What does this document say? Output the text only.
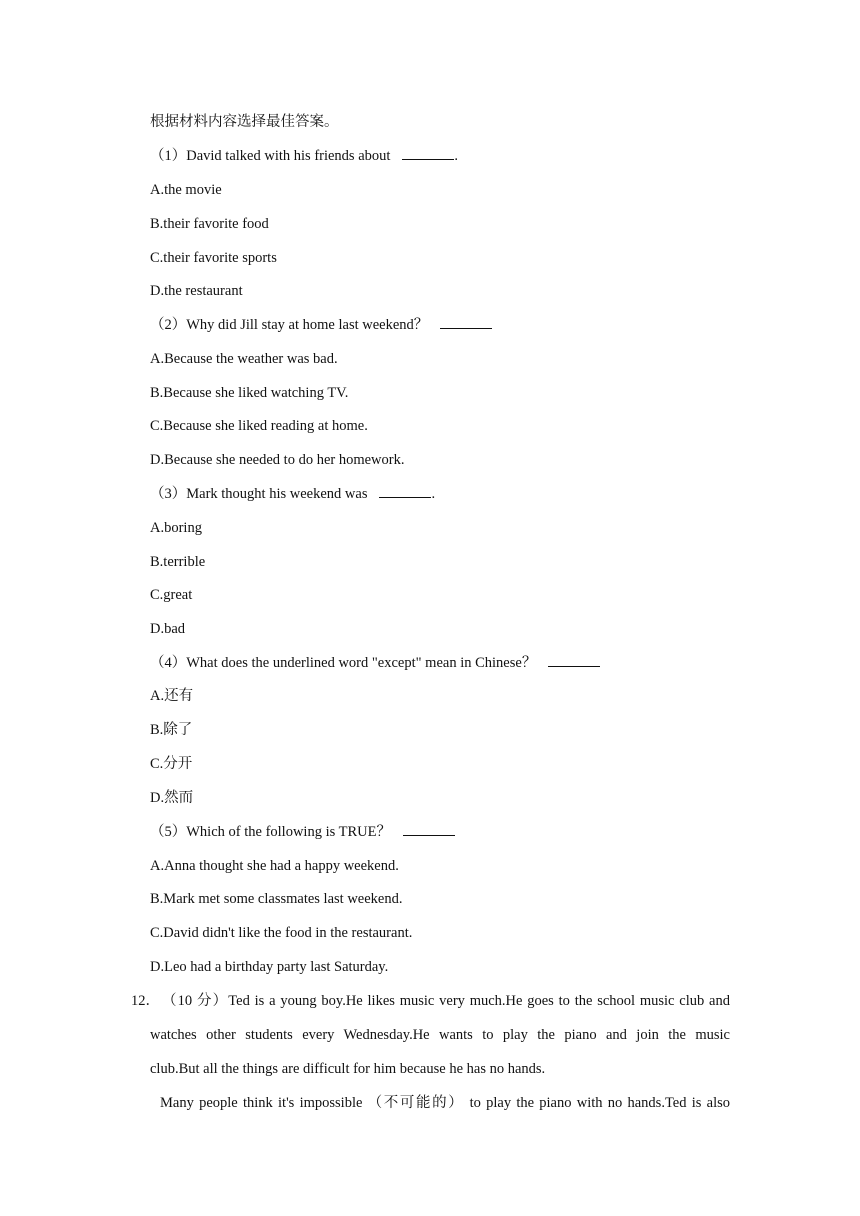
根据材料内容选择最佳答案。
（1）David talked with his friends about	.
A.the movie
B.their favorite food
C.their favorite sports
D.the restaurant
（2）Why did Jill stay at home last weekend？
A.Because the weather was bad.
B.Because she liked watching TV.
C.Because she liked reading at home.
D.Because she needed to do her homework.
（3）Mark thought his weekend was	.
A.boring
B.terrible
C.great
D.bad
（4）What does the underlined word "except" mean in Chinese？
A.还有
B.除了
C.分开
D.然而
（5）Which of the following is TRUE？
A.Anna thought she had a happy weekend.
B.Mark met some classmates last weekend.
C.David didn't like the food in the restaurant.
D.Leo had a birthday party last Saturday.
12． （10 分）Ted is a young boy.He likes music very much.He goes to the school music club and
watches other students every Wednesday.He wants to play the piano and join the music
club.But all the things are difficult for him because he has no hands.
Many people think it's impossible （不可能的） to play the piano with no hands.Ted is also
